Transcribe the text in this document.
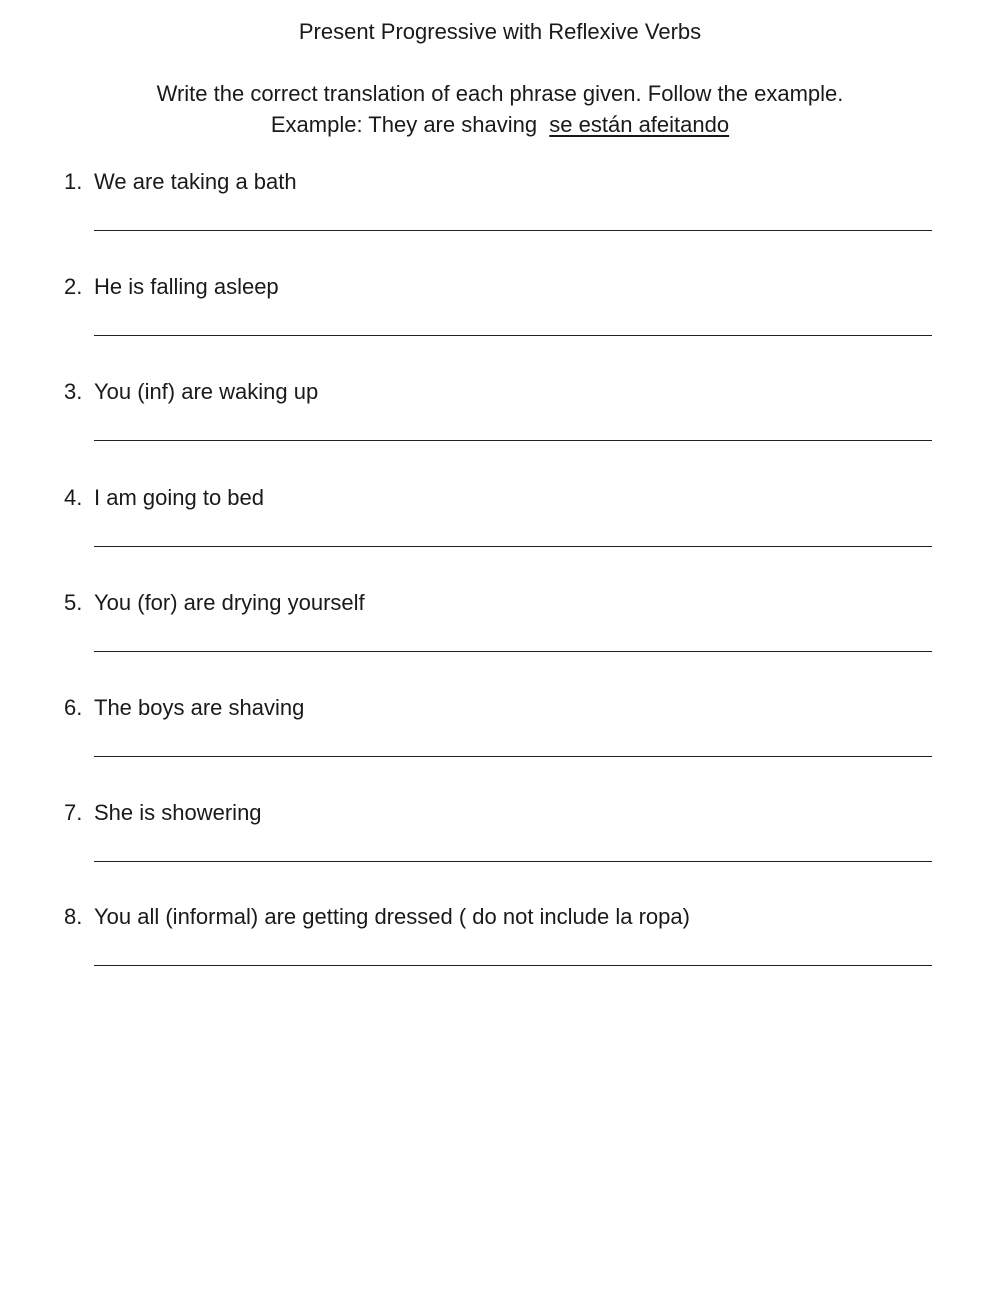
Present Progressive with Reflexive Verbs
Write the correct translation of each phrase given. Follow the example.
Example: They are shaving se están afeitando
1. We are taking a bath
2. He is falling asleep
3. You (inf) are waking up
4. I am going to bed
5. You (for) are drying yourself
6. The boys are shaving
7. She is showering
8. You all (informal) are getting dressed ( do not include la ropa)
